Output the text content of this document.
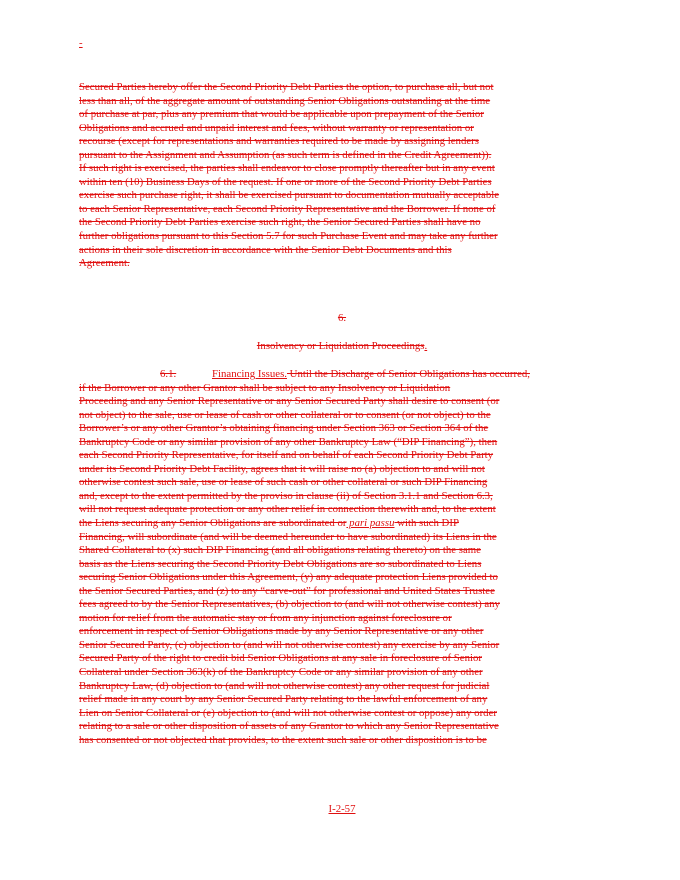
-
Secured Parties hereby offer the Second Priority Debt Parties the option, to purchase all, but not
less than all, of the aggregate amount of outstanding Senior Obligations outstanding at the time
of purchase at par, plus any premium that would be applicable upon prepayment of the Senior
Obligations and accrued and unpaid interest and fees, without warranty or representation or
recourse (except for representations and warranties required to be made by assigning lenders
pursuant to the Assignment and Assumption (as such term is defined in the Credit Agreement)).
If such right is exercised, the parties shall endeavor to close promptly thereafter but in any event
within ten (10) Business Days of the request. If one or more of the Second Priority Debt Parties
exercise such purchase right, it shall be exercised pursuant to documentation mutually acceptable
to each Senior Representative, each Second Priority Representative and the Borrower. If none of
the Second Priority Debt Parties exercise such right, the Senior Secured Parties shall have no
further obligations pursuant to this Section 5.7 for such Purchase Event and may take any further
actions in their sole discretion in accordance with the Senior Debt Documents and this
Agreement.
6.
Insolvency or Liquidation Proceedings.
6.1.	Financing Issues. Until the Discharge of Senior Obligations has occurred,
if the Borrower or any other Grantor shall be subject to any Insolvency or Liquidation
Proceeding and any Senior Representative or any Senior Secured Party shall desire to consent (or
not object) to the sale, use or lease of cash or other collateral or to consent (or not object) to the
Borrower’s or any other Grantor’s obtaining financing under Section 363 or Section 364 of the
Bankruptcy Code or any similar provision of any other Bankruptcy Law (“DIP Financing”), then
each Second Priority Representative, for itself and on behalf of each Second Priority Debt Party
under its Second Priority Debt Facility, agrees that it will raise no (a) objection to and will not
otherwise contest such sale, use or lease of such cash or other collateral or such DIP Financing
and, except to the extent permitted by the proviso in clause (ii) of Section 3.1.1 and Section 6.3,
will not request adequate protection or any other relief in connection therewith and, to the extent
the Liens securing any Senior Obligations are subordinated or pari passu with such DIP
Financing, will subordinate (and will be deemed hereunder to have subordinated) its Liens in the
Shared Collateral to (x) such DIP Financing (and all obligations relating thereto) on the same
basis as the Liens securing the Second Priority Debt Obligations are so subordinated to Liens
securing Senior Obligations under this Agreement, (y) any adequate protection Liens provided to
the Senior Secured Parties, and (z) to any “carve-out” for professional and United States Trustee
fees agreed to by the Senior Representatives, (b) objection to (and will not otherwise contest) any
motion for relief from the automatic stay or from any injunction against foreclosure or
enforcement in respect of Senior Obligations made by any Senior Representative or any other
Senior Secured Party, (c) objection to (and will not otherwise contest) any exercise by any Senior
Secured Party of the right to credit bid Senior Obligations at any sale in foreclosure of Senior
Collateral under Section 363(k) of the Bankruptcy Code or any similar provision of any other
Bankruptcy Law, (d) objection to (and will not otherwise contest) any other request for judicial
relief made in any court by any Senior Secured Party relating to the lawful enforcement of any
Lien on Senior Collateral or (e) objection to (and will not otherwise contest or oppose) any order
relating to a sale or other disposition of assets of any Grantor to which any Senior Representative
has consented or not objected that provides, to the extent such sale or other disposition is to be
I-2-57
